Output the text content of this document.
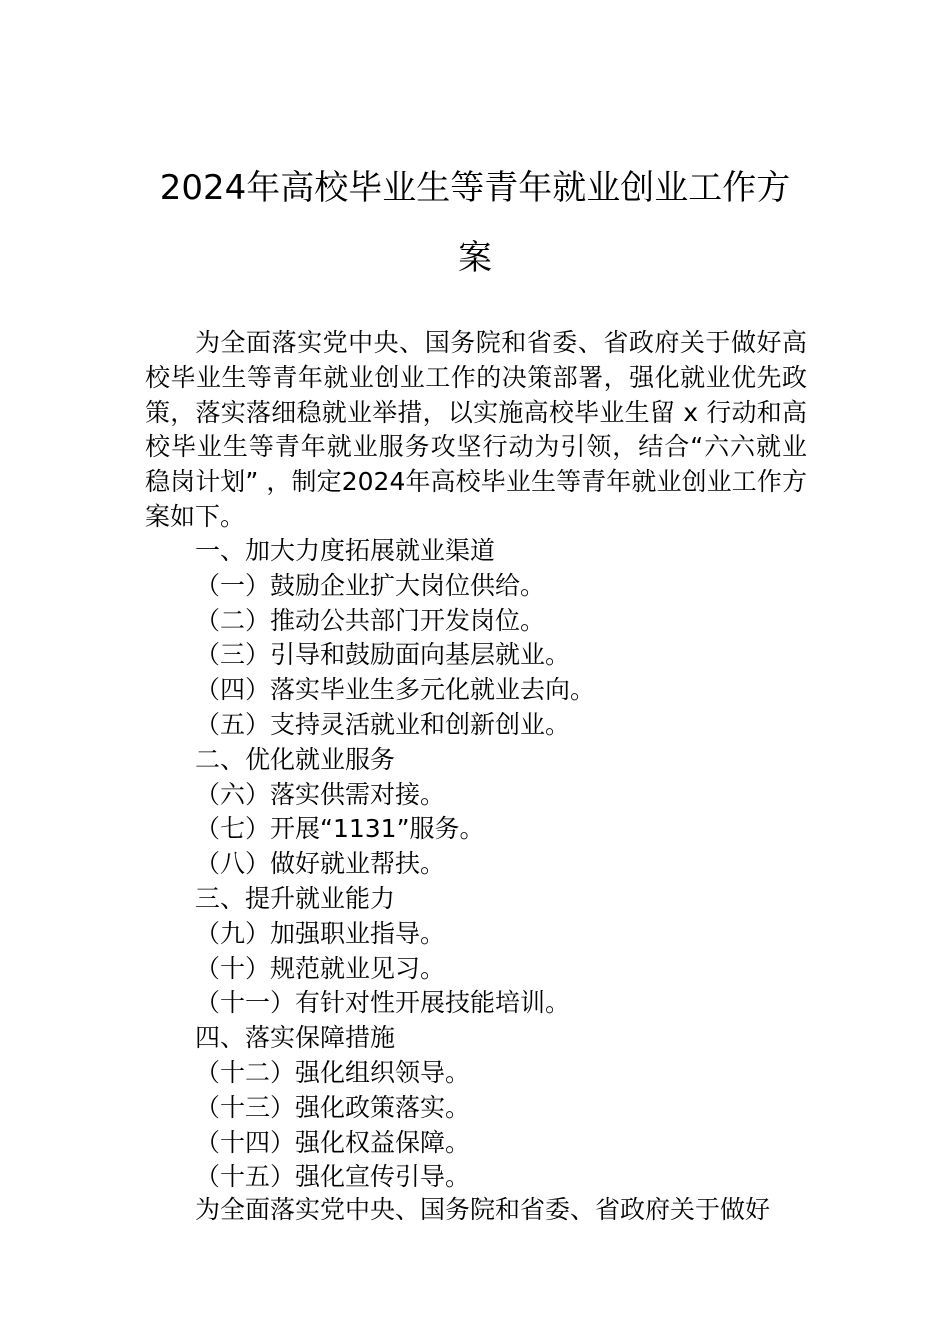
2024年高校毕业生等青年就业创业工作方
案

为全面落实党中央、国务院和省委、省政府关于做好高校毕业生等青年就业创业工作的决策部署，强化就业优先政策，落实落细稳就业举措，以实施高校毕业生留 x 行动和高校毕业生等青年就业服务攻坚行动为引领，结合“六六就业稳岗计划” ，制定2024年高校毕业生等青年就业创业工作方案如下。

一、加大力度拓展就业渠道
（一）鼓励企业扩大岗位供给。
（二）推动公共部门开发岗位。
（三）引导和鼓励面向基层就业。
（四）落实毕业生多元化就业去向。
（五）支持灵活就业和创新创业。
二、优化就业服务
（六）落实供需对接。
（七）开展“1131”服务。
（八）做好就业帮扶。
三、提升就业能力
（九）加强职业指导。
（十）规范就业见习。
（十一）有针对性开展技能培训。
四、落实保障措施
（十二）强化组织领导。
（十三）强化政策落实。
（十四）强化权益保障。
（十五）强化宣传引导。

为全面落实党中央、国务院和省委、省政府关于做好
